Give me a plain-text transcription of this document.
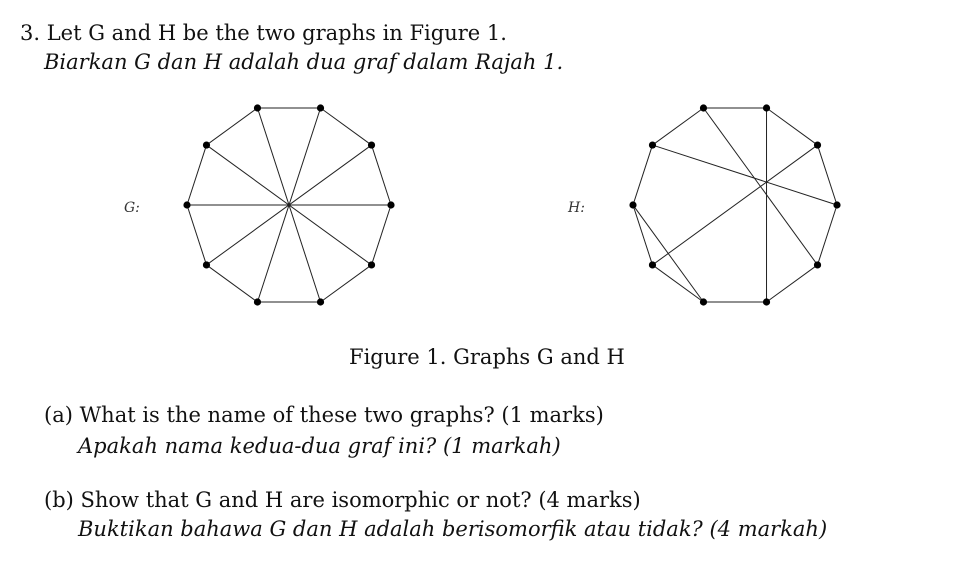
3. Let G and H be the two graphs in Figure 1.
Biarkan G dan H adalah dua graf dalam Rajah 1.
G:	H:
Figure 1. Graphs G and H
(a) What is the name of these two graphs? (1 marks)
Apakah nama kedua-dua graf ini? (1 markah)
(b) Show that G and H are isomorphic or not? (4 marks)
Buktikan bahawa G dan H adalah berisomorfik atau tidak? (4 markah)
